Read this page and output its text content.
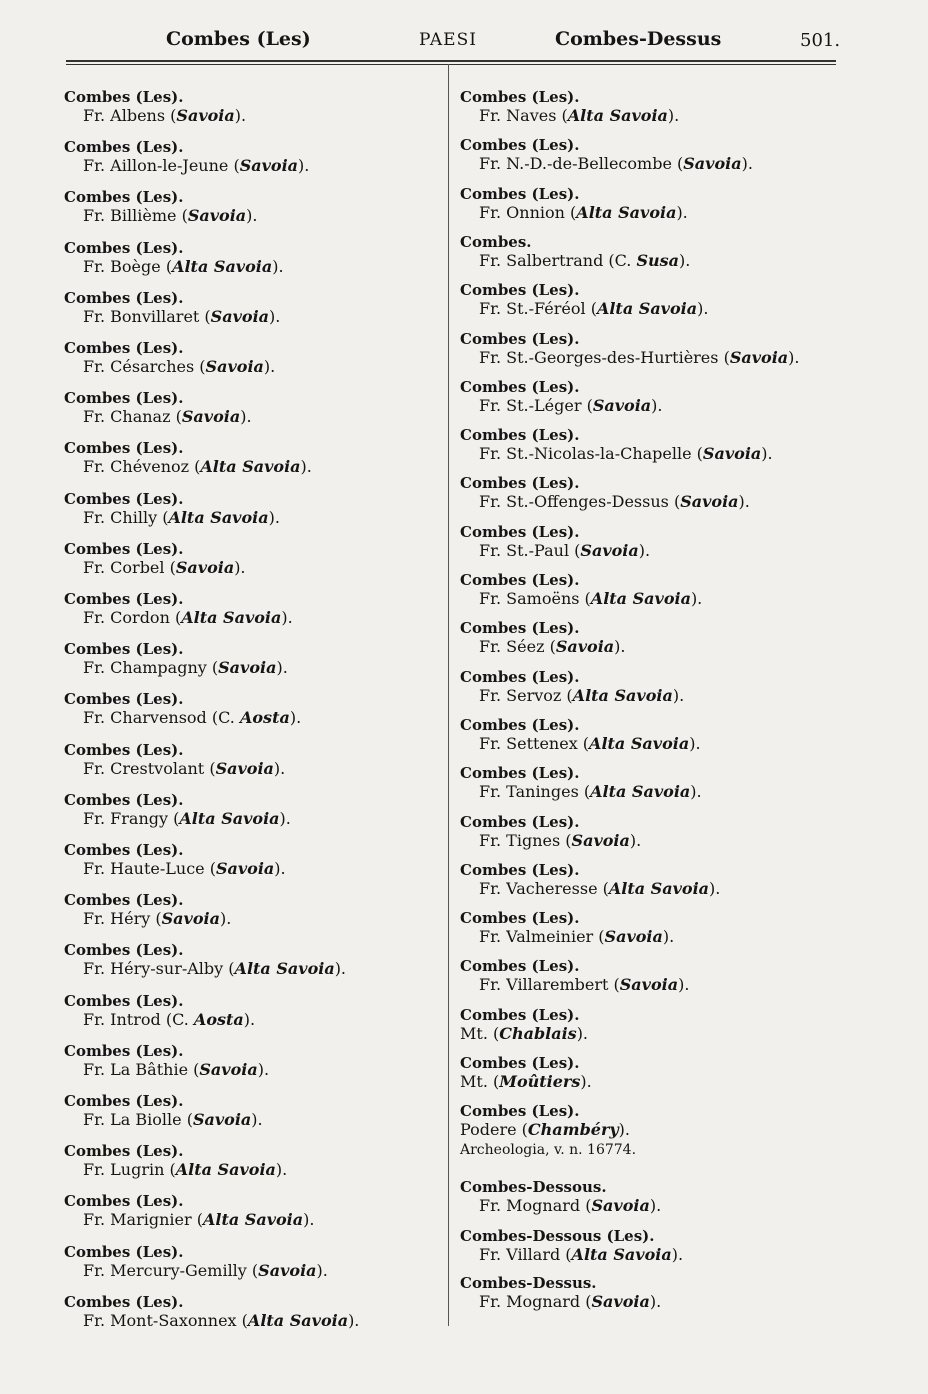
Combes (Les)	PAESI	Combes-Dessus	501.
Combes (Les).
Fr. Albens (Savoia).
Combes (Les).
Fr. Aillon-le-Jeune (Savoia).
Combes (Les).
Fr. Billième (Savoia).
Combes (Les).
Fr. Boège (Alta Savoia).
Combes (Les).
Fr. Bonvillaret (Savoia).
Combes (Les).
Fr. Césarches (Savoia).
Combes (Les).
Fr. Chanaz (Savoia).
Combes (Les).
Fr. Chévenoz (Alta Savoia).
Combes (Les).
Fr. Chilly (Alta Savoia).
Combes (Les).
Fr. Corbel (Savoia).
Combes (Les).
Fr. Cordon (Alta Savoia).
Combes (Les).
Fr. Champagny (Savoia).
Combes (Les).
Fr. Charvensod (C. Aosta).
Combes (Les).
Fr. Crestvolant (Savoia).
Combes (Les).
Fr. Frangy (Alta Savoia).
Combes (Les).
Fr. Haute-Luce (Savoia).
Combes (Les).
Fr. Héry (Savoia).
Combes (Les).
Fr. Héry-sur-Alby (Alta Savoia).
Combes (Les).
Fr. Introd (C. Aosta).
Combes (Les).
Fr. La Bâthie (Savoia).
Combes (Les).
Fr. La Biolle (Savoia).
Combes (Les).
Fr. Lugrin (Alta Savoia).
Combes (Les).
Fr. Marignier (Alta Savoia).
Combes (Les).
Fr. Mercury-Gemilly (Savoia).
Combes (Les).
Fr. Mont-Saxonnex (Alta Savoia).
Combes (Les).
Fr. Naves (Alta Savoia).
Combes (Les).
Fr. N.-D.-de-Bellecombe (Savoia).
Combes (Les).
Fr. Onnion (Alta Savoia).
Combes.
Fr. Salbertrand (C. Susa).
Combes (Les).
Fr. St.-Féréol (Alta Savoia).
Combes (Les).
Fr. St.-Georges-des-Hurtières (Savoia).
Combes (Les).
Fr. St.-Léger (Savoia).
Combes (Les).
Fr. St.-Nicolas-la-Chapelle (Savoia).
Combes (Les).
Fr. St.-Offenges-Dessus (Savoia).
Combes (Les).
Fr. St.-Paul (Savoia).
Combes (Les).
Fr. Samoëns (Alta Savoia).
Combes (Les).
Fr. Séez (Savoia).
Combes (Les).
Fr. Servoz (Alta Savoia).
Combes (Les).
Fr. Settenex (Alta Savoia).
Combes (Les).
Fr. Taninges (Alta Savoia).
Combes (Les).
Fr. Tignes (Savoia).
Combes (Les).
Fr. Vacheresse (Alta Savoia).
Combes (Les).
Fr. Valmeinier (Savoia).
Combes (Les).
Fr. Villarembert (Savoia).
Combes (Les).
Mt. (Chablais).
Combes (Les).
Mt. (Moûtiers).
Combes (Les).
Podere (Chambéry).
Archeologia, v. n. 16774.
Combes-Dessous.
Fr. Mognard (Savoia).
Combes-Dessous (Les).
Fr. Villard (Alta Savoia).
Combes-Dessus.
Fr. Mognard (Savoia).
